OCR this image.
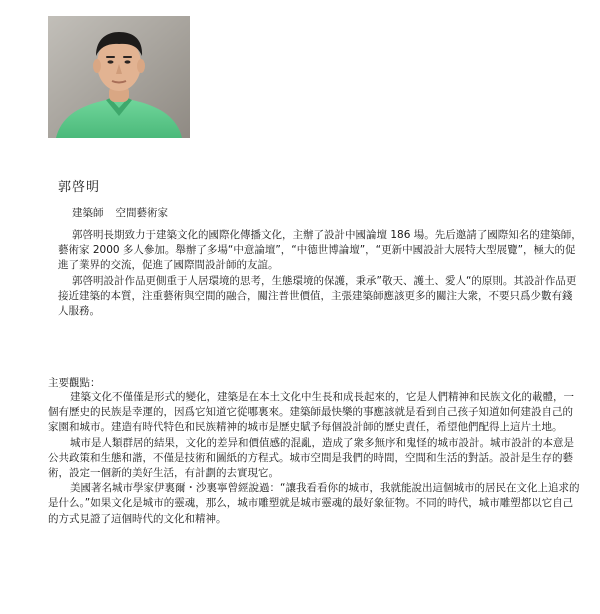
郭啓明
建築師 空間藝術家

郭啓明長期致力于建築文化的國際化傳播文化，主辦了設計中國論壇 186 場。先后邀請了國際知名的建築師，藝術家 2000 多人參加。舉辦了多場“中意論壇”，“中德世博論壇”，“更新中國設計大展特大型展覽”，極大的促進了業界的交流，促進了國際間設計師的友誼。

郭啓明設計作品更側重于人居環境的思考，生態環境的保護，秉承”敬天、護土、愛人“的原則。其設計作品更接近建築的本質，注重藝術與空間的融合，關注普世價值，主張建築師應該更多的關注大衆，不要只爲少數有錢人服務。

主要觀點：

建築文化不僅僅是形式的變化，建築是在本土文化中生長和成長起來的，它是人們精神和民族文化的載體，一個有歷史的民族是幸運的，因爲它知道它從哪裏來。建築師最快樂的事應該就是看到自己孩子知道如何建設自己的家園和城市。建造有時代特色和民族精神的城市是歷史賦予每個設計師的歷史責任，希望他們配得上這片土地。

城市是人類群居的結果，文化的差异和價值感的混亂，造成了衆多無序和鬼怪的城市設計。城市設計的本意是公共政策和生態和諧，不僅是技術和圖紙的方程式。城市空間是我們的時間，空間和生活的對話。設計是生存的藝術，設定一個新的美好生活，有計劃的去實現它。

美國著名城市學家伊裏爾・沙裏寧曾經說過：“讓我看看你的城市，我就能說出這個城市的居民在文化上追求的是什么。”如果文化是城市的靈魂，那么，城市雕塑就是城市靈魂的最好象征物。不同的時代，城市雕塑都以它自己的方式見證了這個時代的文化和精神。
